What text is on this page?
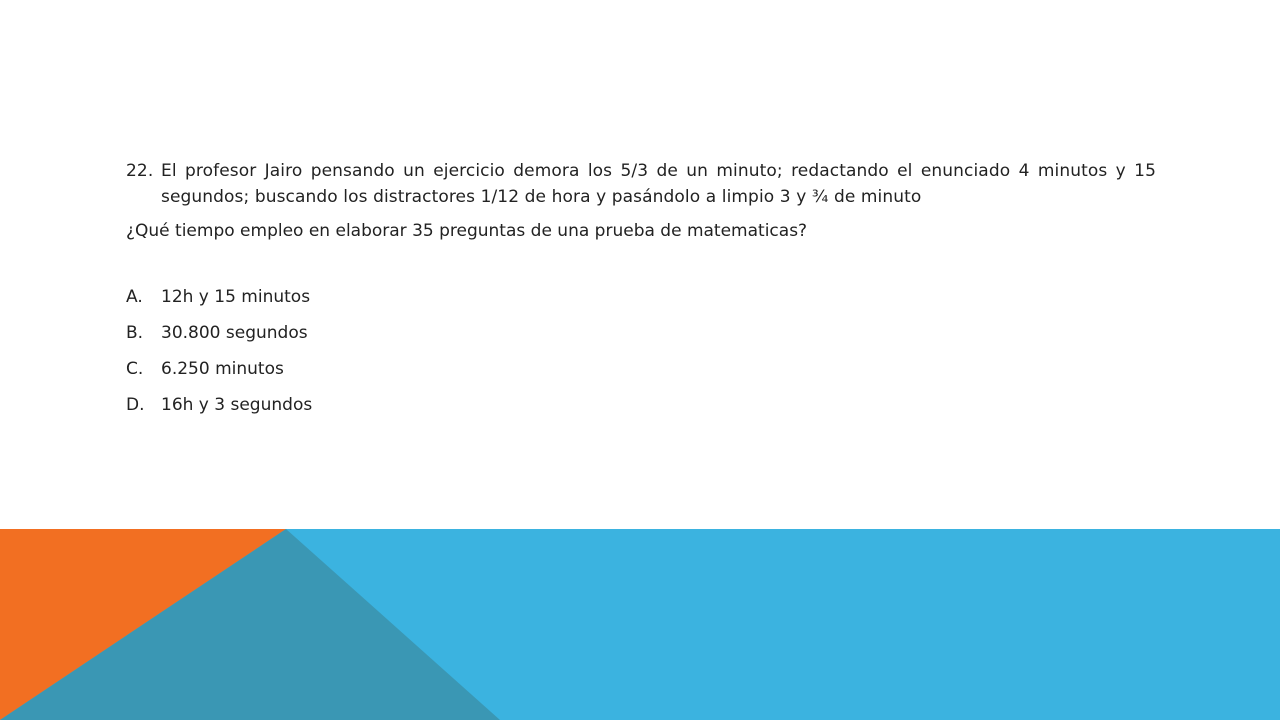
22. El profesor Jairo pensando un ejercicio demora los 5/3 de un minuto; redactando el enunciado 4 minutos y 15 segundos; buscando los distractores 1/12 de hora y pasándolo a limpio 3 y ¾ de minuto
¿Qué tiempo empleo en elaborar 35 preguntas de una prueba de matematicas?
A.	12h y 15 minutos
B.	30.800 segundos
C.	6.250 minutos
D. 16h y 3 segundos
